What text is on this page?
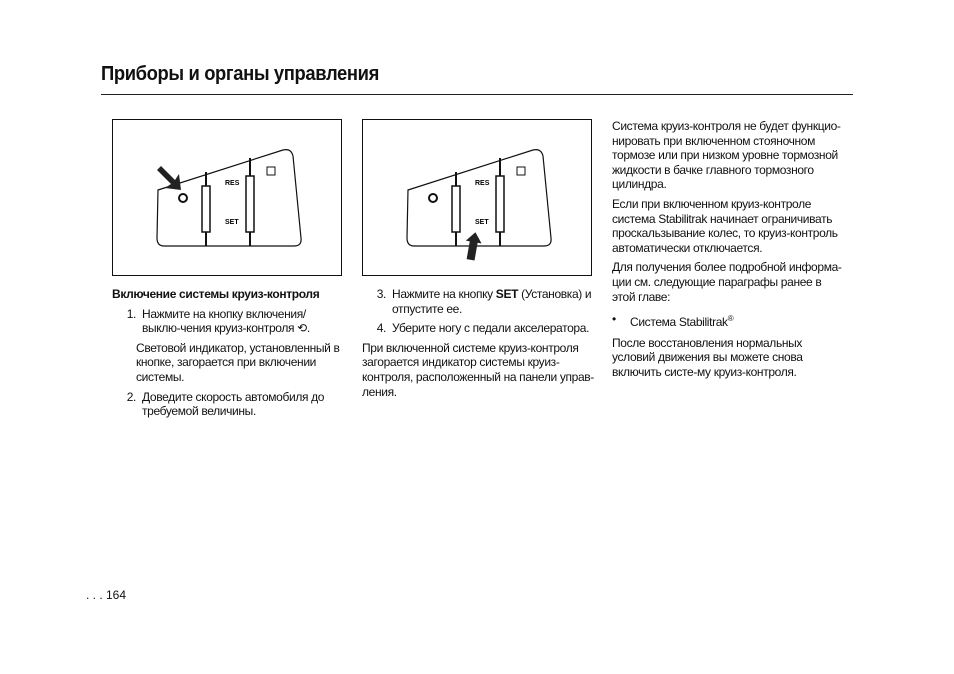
Приборы и органы управления
RES
SET
RES
SET

Включение системы круиз-контроля

1. Нажмите на кнопку включения/выклю-чения круиз-контроля ⟲.

Световой индикатор, установленный в кнопке, загорается при включении системы.

2. Доведите скорость автомобиля до требуемой величины.
3. Нажмите на кнопку SET (Установка) и отпустите ее.
4. Уберите ногу с педали акселератора.

При включенной системе круиз-контроля загорается индикатор системы круиз-контроля, расположенный на панели управ-ления.

Система круиз-контроля не будет функцио-нировать при включенном стояночном тормозе или при низком уровне тормозной жидкости в бачке главного тормозного цилиндра.

Если при включенном круиз-контроле система Stabilitrak начинает ограничивать проскальзывание колес, то круиз-контроль автоматически отключается.

Для получения более подробной информа-ции см. следующие параграфы ранее в этой главе:

•	Система Stabilitrak®

После восстановления нормальных условий движения вы можете снова включить систе-му круиз-контроля.

. . . 164
